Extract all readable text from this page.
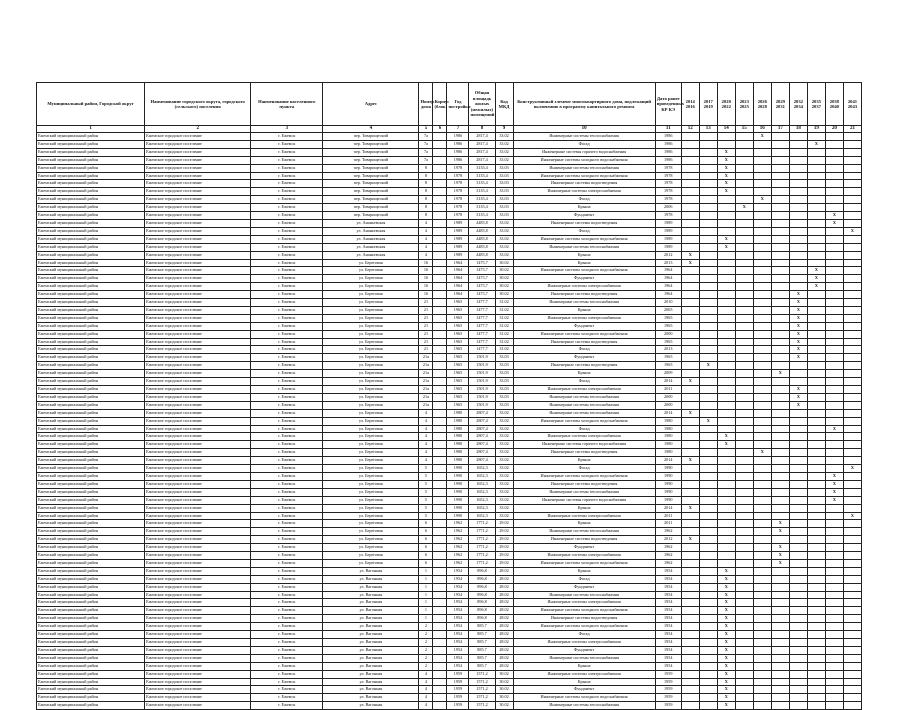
Муниципальный район, Городской округ	Наименование городского округа, городского (сельского) поселения	Наименование населенного пункта	Адрес	Номер дома	Корпус (блок)	Год постройки	Общая площадь жилых (нежилых) помещений	Код МКД	Конструктивный элемент многоквартирного дома, подлежащий включению в программу капитального ремонта	Дата ранее проведенных КР КЭ	2014 2016	2017 2019	2020 2022	2023 2025	2026 2028	2029 2031	2032 2034	2035 2037	2038 2040	2041 2043
1	2	3	4	5	6	7	8	9	10	11	12	13	14	15	16	17	18	19	20	21
Ежемский муниципальный район	Ежемское городское поселение	г. Ежемск	пер. Товарищеский	7а		1986	2817,4	33.02	Инженерные системы теплоснабжения	1986					X					
Ежемский муниципальный район	Ежемское городское поселение	г. Ежемск	пер. Товарищеский	7а		1986	2817,4	33.02	Фасад	1986								X		
Ежемский муниципальный район	Ежемское городское поселение	г. Ежемск	пер. Товарищеский	7а		1986	2817,4	33.02	Инженерные системы горячего водоснабжения	1986			X							
Ежемский муниципальный район	Ежемское городское поселение	г. Ежемск	пер. Товарищеский	7а		1986	2817,4	33.02	Инженерные системы холодного водоснабжения	1986			X							
Ежемский муниципальный район	Ежемское городское поселение	г. Ежемск	пер. Товарищеский	8		1978	3135,4	33.03	Инженерные системы теплоснабжения	1978			X							
Ежемский муниципальный район	Ежемское городское поселение	г. Ежемск	пер. Товарищеский	8		1978	3135,4	33.03	Инженерные системы холодного водоснабжения	1978			X							
Ежемский муниципальный район	Ежемское городское поселение	г. Ежемск	пер. Товарищеский	8		1978	3135,4	33.03	Инженерные системы водоотведения	1978			X							
Ежемский муниципальный район	Ежемское городское поселение	г. Ежемск	пер. Товарищеский	8		1978	3135,4	33.03	Инженерные системы электроснабжения	1978			X							
Ежемский муниципальный район	Ежемское городское поселение	г. Ежемск	пер. Товарищеский	8		1978	3135,4	33.03	Фасад	1978					X					
Ежемский муниципальный район	Ежемское городское поселение	г. Ежемск	пер. Товарищеский	8		1978	3135,4	33.03	Крыша	2006				X						
Ежемский муниципальный район	Ежемское городское поселение	г. Ежемск	пер. Товарищеский	8		1978	3135,4	33.03	Фундамент	1978									X	
Ежемский муниципальный район	Ежемское городское поселение	г. Ежемск	ул. Ананьевская	4		1989	4485,8	33.02	Инженерные системы водоотведения	1989									X	
Ежемский муниципальный район	Ежемское городское поселение	г. Ежемск	ул. Ананьевская	4		1989	4485,8	33.02	Фасад	1989										X
Ежемский муниципальный район	Ежемское городское поселение	г. Ежемск	ул. Ананьевская	4		1989	4485,8	33.02	Инженерные системы холодного водоснабжения	1989			X							
Ежемский муниципальный район	Ежемское городское поселение	г. Ежемск	ул. Ананьевская	4		1989	4485,8	33.02	Инженерные системы теплоснабжения	1989			X							
Ежемский муниципальный район	Ежемское городское поселение	г. Ежемск	ул. Ананьевская	4		1989	4485,8	33.02	Крыша	2012	X									
Ежемский муниципальный район	Ежемское городское поселение	г. Ежемск	ул. Береговая	16		1964	1475,7	30.02	Крыша	2013	X									
Ежемский муниципальный район	Ежемское городское поселение	г. Ежемск	ул. Береговая	16		1964	1475,7	30.02	Инженерные системы холодного водоснабжения	1964								X		
Ежемский муниципальный район	Ежемское городское поселение	г. Ежемск	ул. Береговая	16		1964	1475,7	30.02	Фундамент	1964								X		
Ежемский муниципальный район	Ежемское городское поселение	г. Ежемск	ул. Береговая	16		1964	1475,7	30.02	Инженерные системы электроснабжения	1964								X		
Ежемский муниципальный район	Ежемское городское поселение	г. Ежемск	ул. Береговая	16		1964	1475,7	30.02	Инженерные системы водоотведения	1964							X			
Ежемский муниципальный район	Ежемское городское поселение	г. Ежемск	ул. Береговая	21		1965	1477,7	31.02	Инженерные системы теплоснабжения	2010							X			
Ежемский муниципальный район	Ежемское городское поселение	г. Ежемск	ул. Береговая	21		1965	1477,7	31.02	Крыша	2005							X			
Ежемский муниципальный район	Ежемское городское поселение	г. Ежемск	ул. Береговая	21		1965	1477,7	31.02	Инженерные системы электроснабжения	1965							X			
Ежемский муниципальный район	Ежемское городское поселение	г. Ежемск	ул. Береговая	21		1965	1477,7	31.02	Фундамент	1965							X			
Ежемский муниципальный район	Ежемское городское поселение	г. Ежемск	ул. Береговая	21		1965	1477,7	31.02	Инженерные системы холодного водоснабжения	2000							X			
Ежемский муниципальный район	Ежемское городское поселение	г. Ежемск	ул. Береговая	21		1965	1477,7	31.02	Инженерные системы водоотведения	1965							X			
Ежемский муниципальный район	Ежемское городское поселение	г. Ежемск	ул. Береговая	21		1965	1477,7	31.02	Фасад	2013							X			
Ежемский муниципальный район	Ежемское городское поселение	г. Ежемск	ул. Береговая	21а		1965	1501,9	33.03	Фундамент	1965							X			
Ежемский муниципальный район	Ежемское городское поселение	г. Ежемск	ул. Береговая	21а		1965	1501,9	33.03	Инженерные системы водоотведения	1965		X								
Ежемский муниципальный район	Ежемское городское поселение	г. Ежемск	ул. Береговая	21а		1965	1501,9	33.03	Крыша	2009						X				
Ежемский муниципальный район	Ежемское городское поселение	г. Ежемск	ул. Береговая	21а		1965	1501,9	33.03	Фасад	2014	X									
Ежемский муниципальный район	Ежемское городское поселение	г. Ежемск	ул. Береговая	21а		1965	1501,9	33.03	Инженерные системы электроснабжения	2011							X			
Ежемский муниципальный район	Ежемское городское поселение	г. Ежемск	ул. Береговая	21а		1965	1501,9	33.03	Инженерные системы теплоснабжения	2000							X			
Ежемский муниципальный район	Ежемское городское поселение	г. Ежемск	ул. Береговая	21а		1965	1501,9	33.03	Инженерные системы теплоснабжения	2000							X			
Ежемский муниципальный район	Ежемское городское поселение	г. Ежемск	ул. Береговая	4		1980	2807,4	33.02	Инженерные системы теплоснабжения	2014	X									
Ежемский муниципальный район	Ежемское городское поселение	г. Ежемск	ул. Береговая	4		1980	2807,4	33.02	Инженерные системы холодного водоснабжения	1980		X								
Ежемский муниципальный район	Ежемское городское поселение	г. Ежемск	ул. Береговая	4		1980	2807,4	33.02	Фасад	1980									X	
Ежемский муниципальный район	Ежемское городское поселение	г. Ежемск	ул. Береговая	4		1980	2807,4	33.02	Инженерные системы электроснабжения	1980			X							
Ежемский муниципальный район	Ежемское городское поселение	г. Ежемск	ул. Береговая	4		1980	2807,4	33.02	Инженерные системы горячего водоснабжения	1980			X							
Ежемский муниципальный район	Ежемское городское поселение	г. Ежемск	ул. Береговая	4		1980	2807,4	33.02	Инженерные системы водоотведения	1980					X					
Ежемский муниципальный район	Ежемское городское поселение	г. Ежемск	ул. Береговая	4		1980	2807,4	33.02	Крыша	2014	X									
Ежемский муниципальный район	Ежемское городское поселение	г. Ежемск	ул. Береговая	5		1990	1652,3	33.02	Фасад	1990										X
Ежемский муниципальный район	Ежемское городское поселение	г. Ежемск	ул. Береговая	5		1990	1652,3	33.02	Инженерные системы холодного водоснабжения	1990									X	
Ежемский муниципальный район	Ежемское городское поселение	г. Ежемск	ул. Береговая	5		1990	1652,3	33.02	Инженерные системы водоотведения	1990									X	
Ежемский муниципальный район	Ежемское городское поселение	г. Ежемск	ул. Береговая	5		1990	1652,3	33.02	Инженерные системы теплоснабжения	1990									X	
Ежемский муниципальный район	Ежемское городское поселение	г. Ежемск	ул. Береговая	5		1990	1652,3	33.02	Инженерные системы горячего водоснабжения	1990									X	
Ежемский муниципальный район	Ежемское городское поселение	г. Ежемск	ул. Береговая	5		1990	1652,3	33.02	Крыша	2014	X									
Ежемский муниципальный район	Ежемское городское поселение	г. Ежемск	ул. Береговая	5		1990	1652,3	33.02	Инженерные системы электроснабжения	2011										X
Ежемский муниципальный район	Ежемское городское поселение	г. Ежемск	ул. Береговая	6		1962	1771,2	29.02	Крыша	2011						X				
Ежемский муниципальный район	Ежемское городское поселение	г. Ежемск	ул. Береговая	6		1962	1771,2	29.02	Инженерные системы теплоснабжения	1962						X				
Ежемский муниципальный район	Ежемское городское поселение	г. Ежемск	ул. Береговая	6		1962	1771,2	29.02	Инженерные системы водоотведения	2012	X									
Ежемский муниципальный район	Ежемское городское поселение	г. Ежемск	ул. Береговая	6		1962	1771,2	29.02	Фундамент	1962						X				
Ежемский муниципальный район	Ежемское городское поселение	г. Ежемск	ул. Береговая	6		1962	1771,2	29.02	Инженерные системы электроснабжения	1962						X				
Ежемский муниципальный район	Ежемское городское поселение	г. Ежемск	ул. Береговая	6		1962	1771,2	29.02	Инженерные системы холодного водоснабжения	1962						X				
Ежемский муниципальный район	Ежемское городское поселение	г. Ежемск	ул. Вагонная	1		1954	896,8	28.02	Крыша	1954			X							
Ежемский муниципальный район	Ежемское городское поселение	г. Ежемск	ул. Вагонная	1		1954	896,8	28.02	Фасад	1954			X							
Ежемский муниципальный район	Ежемское городское поселение	г. Ежемск	ул. Вагонная	1		1954	896,8	28.02	Фундамент	1954			X							
Ежемский муниципальный район	Ежемское городское поселение	г. Ежемск	ул. Вагонная	1		1954	896,8	28.02	Инженерные системы теплоснабжения	1954			X							
Ежемский муниципальный район	Ежемское городское поселение	г. Ежемск	ул. Вагонная	1		1954	896,8	28.02	Инженерные системы электроснабжения	1954			X							
Ежемский муниципальный район	Ежемское городское поселение	г. Ежемск	ул. Вагонная	1		1954	896,8	28.02	Инженерные системы холодного водоснабжения	1954			X							
Ежемский муниципальный район	Ежемское городское поселение	г. Ежемск	ул. Вагонная	1		1954	896,8	28.02	Инженерные системы водоотведения	1954			X							
Ежемский муниципальный район	Ежемское городское поселение	г. Ежемск	ул. Вагонная	2		1954	885,7	28.02	Инженерные системы холодного водоснабжения	1954			X							
Ежемский муниципальный район	Ежемское городское поселение	г. Ежемск	ул. Вагонная	2		1954	885,7	28.02	Фасад	1954			X							
Ежемский муниципальный район	Ежемское городское поселение	г. Ежемск	ул. Вагонная	2		1954	885,7	28.02	Инженерные системы электроснабжения	1954			X							
Ежемский муниципальный район	Ежемское городское поселение	г. Ежемск	ул. Вагонная	2		1954	885,7	28.02	Фундамент	1954			X							
Ежемский муниципальный район	Ежемское городское поселение	г. Ежемск	ул. Вагонная	2		1954	885,7	28.02	Инженерные системы теплоснабжения	1954			X							
Ежемский муниципальный район	Ежемское городское поселение	г. Ежемск	ул. Вагонная	2		1954	885,7	28.02	Крыша	1954			X							
Ежемский муниципальный район	Ежемское городское поселение	г. Ежемск	ул. Вагонная	4		1959	1571,2	30.02	Инженерные системы электроснабжения	1959			X							
Ежемский муниципальный район	Ежемское городское поселение	г. Ежемск	ул. Вагонная	4		1959	1571,2	30.02	Крыша	1959			X							
Ежемский муниципальный район	Ежемское городское поселение	г. Ежемск	ул. Вагонная	4		1959	1571,2	30.02	Фундамент	1959			X							
Ежемский муниципальный район	Ежемское городское поселение	г. Ежемск	ул. Вагонная	4		1959	1571,2	30.02	Инженерные системы холодного водоснабжения	1959			X							
Ежемский муниципальный район	Ежемское городское поселение	г. Ежемск	ул. Вагонная	4		1959	1571,2	30.02	Инженерные системы теплоснабжения	1959			X							
